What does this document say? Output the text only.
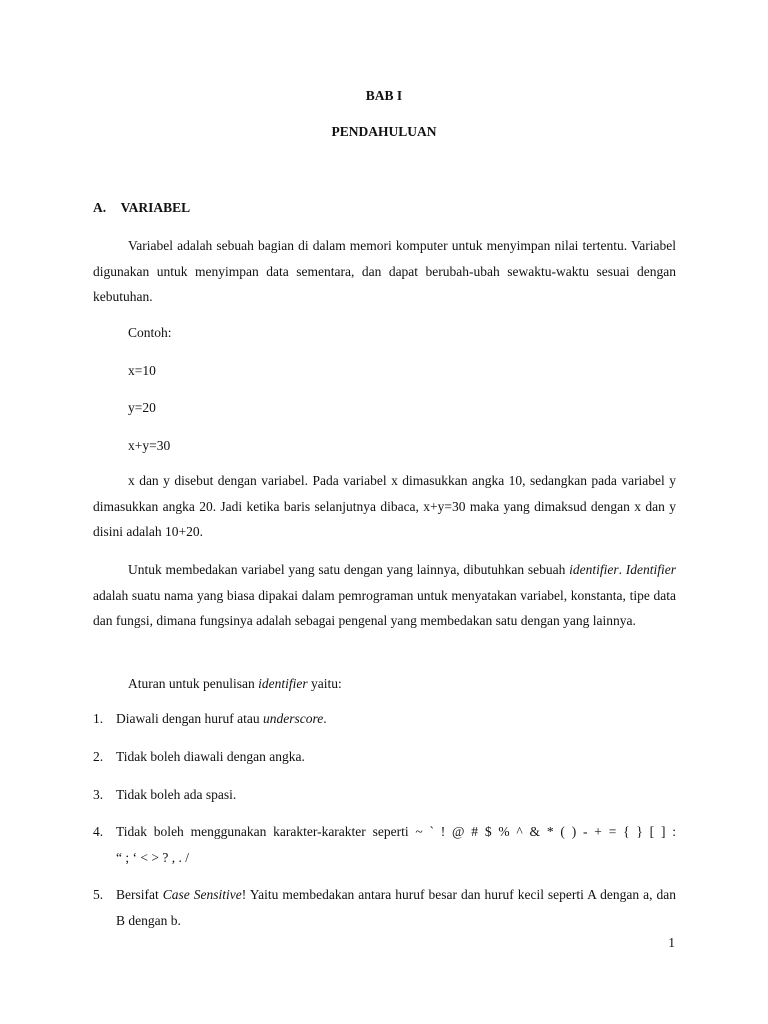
BAB I
PENDAHULUAN
A. VARIABEL

Variabel adalah sebuah bagian di dalam memori komputer untuk menyimpan nilai tertentu. Variabel digunakan untuk menyimpan data sementara, dan dapat berubah-ubah sewaktu-waktu sesuai dengan kebutuhan.

Contoh:
x=10
y=20
x+y=30

x dan y disebut dengan variabel. Pada variabel x dimasukkan angka 10, sedangkan pada variabel y dimasukkan angka 20. Jadi ketika baris selanjutnya dibaca, x+y=30 maka yang dimaksud dengan x dan y disini adalah 10+20.

Untuk membedakan variabel yang satu dengan yang lainnya, dibutuhkan sebuah identifier. Identifier adalah suatu nama yang biasa dipakai dalam pemrograman untuk menyatakan variabel, konstanta, tipe data dan fungsi, dimana fungsinya adalah sebagai pengenal yang membedakan satu dengan yang lainnya.

Aturan untuk penulisan identifier yaitu:
1. Diawali dengan huruf atau underscore.
2. Tidak boleh diawali dengan angka.
3. Tidak boleh ada spasi.
4. Tidak boleh menggunakan karakter-karakter seperti ~ ` ! @ # $ % ^ & * ( ) - + = { } [ ] :
“ ; ‘ < > ? , . /
5. Bersifat Case Sensitive! Yaitu membedakan antara huruf besar dan huruf kecil seperti A dengan a, dan B dengan b.
1
